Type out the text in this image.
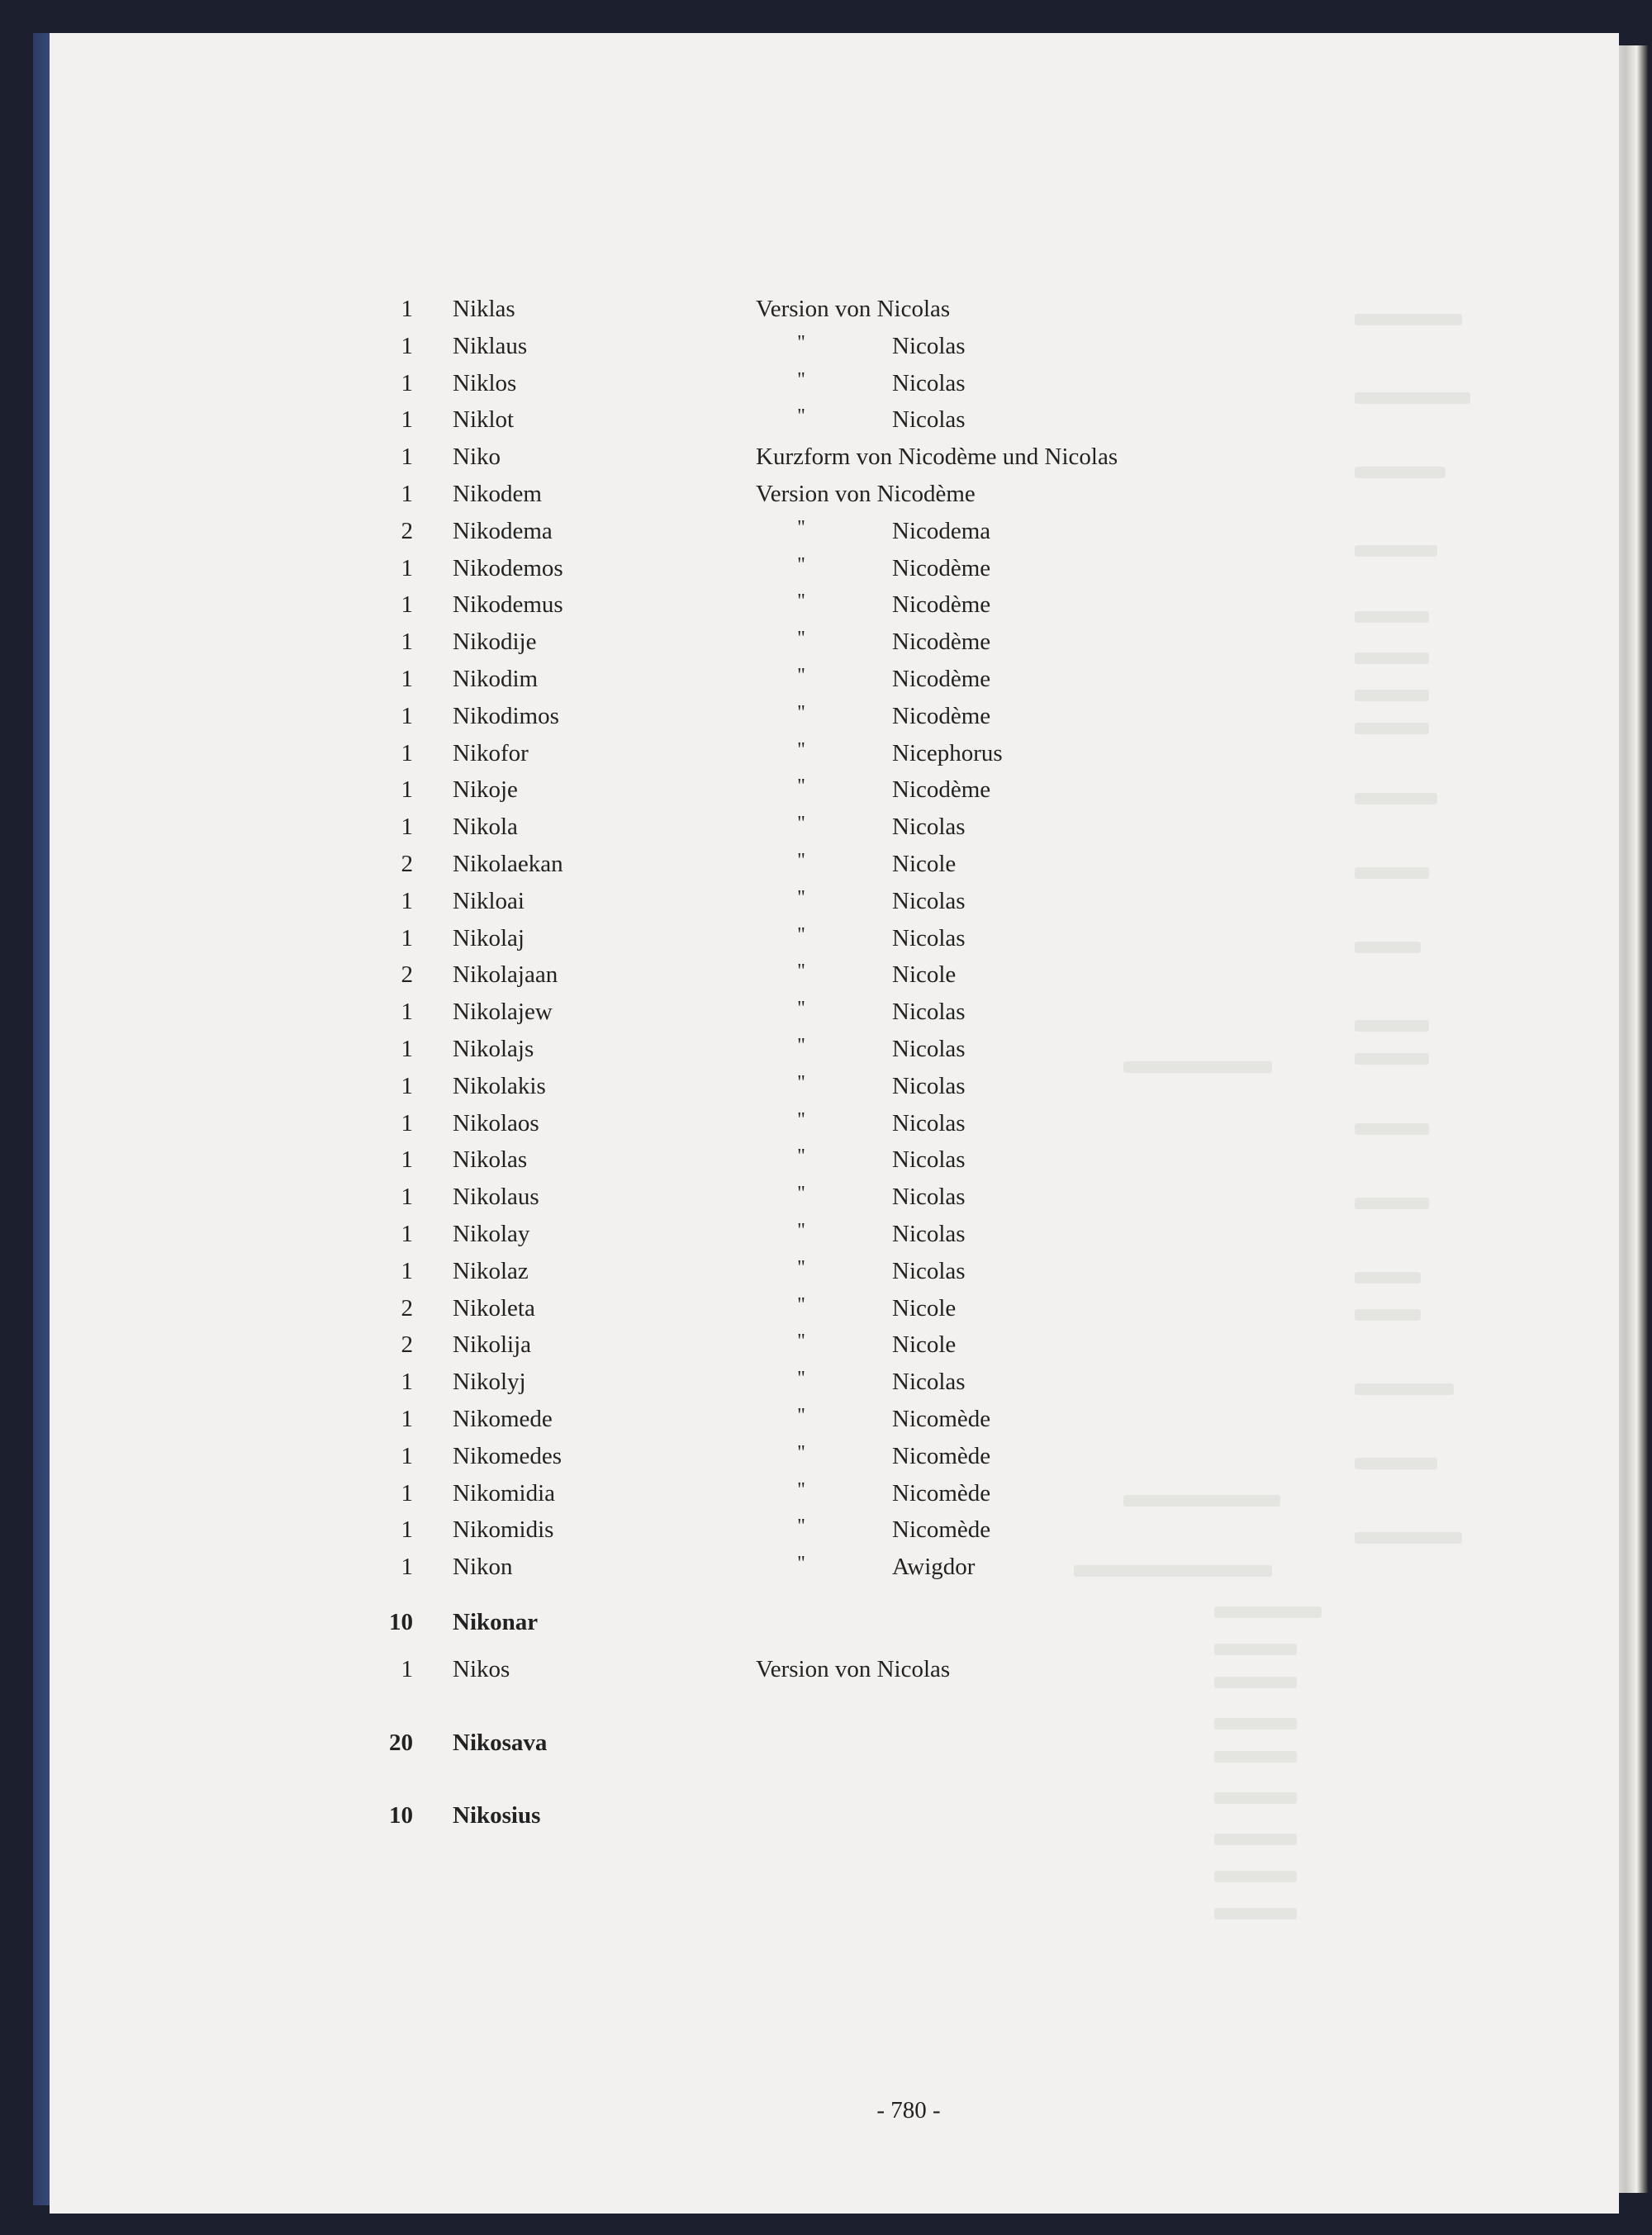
1 Niklas	Version von Nicolas
1 Niklaus	"	Nicolas
1 Niklos	"	Nicolas
1 Niklot	"	Nicolas
1 Niko	Kurzform von Nicodème und Nicolas
1 Nikodem	Version von Nicodème
2 Nikodema	"	Nicodema
1 Nikodemos	"	Nicodème
1 Nikodemus	"	Nicodème
1 Nikodije	"	Nicodème
1 Nikodim	"	Nicodème
1 Nikodimos	"	Nicodème
1 Nikofor	"	Nicephorus
1 Nikoje	"	Nicodème
1 Nikola	"	Nicolas
2 Nikolaekan	"	Nicole
1 Nikloai	"	Nicolas
1 Nikolaj	"	Nicolas
2 Nikolajaan	"	Nicole
1 Nikolajew	"	Nicolas
1 Nikolajs	"	Nicolas
1 Nikolakis	"	Nicolas
1 Nikolaos	"	Nicolas
1 Nikolas	"	Nicolas
1 Nikolaus	"	Nicolas
1 Nikolay	"	Nicolas
1 Nikolaz	"	Nicolas
2 Nikoleta	"	Nicole
2 Nikolija	"	Nicole
1 Nikolyj	"	Nicolas
1 Nikomede	"	Nicomède
1 Nikomedes	"	Nicomède
1 Nikomidia	"	Nicomède
1 Nikomidis	"	Nicomède
1 Nikon	"	Awigdor
10 Nikonar
1 Nikos	Version von Nicolas
20 Nikosava
10 Nikosius
- 780 -
